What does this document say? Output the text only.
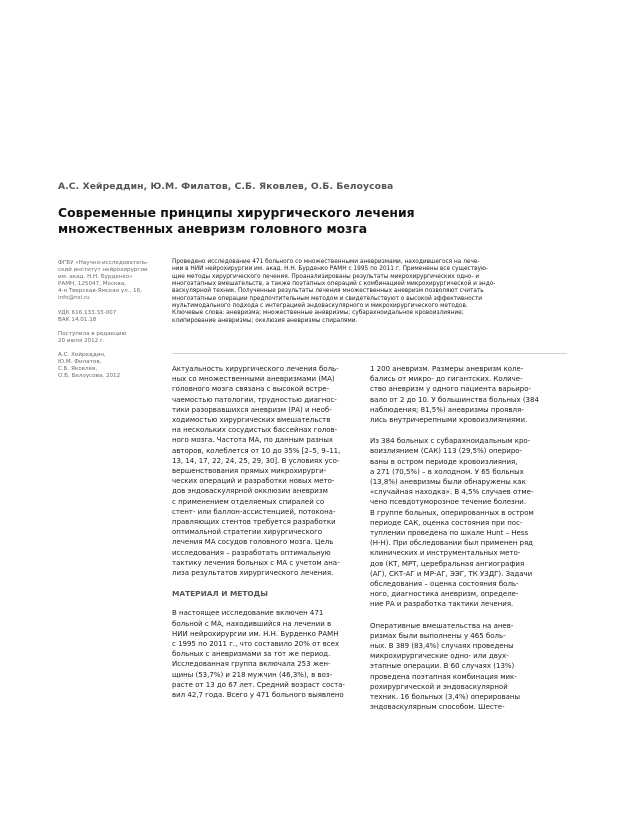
А.С. Хейреддин, Ю.М. Филатов, С.Б. Яковлев, О.Б. Белоусова
Современные принципы хирургического лечения
множественных аневризм головного мозга
ФГБУ «Научно-исследователь-
ский институт нейрохирургии
им. акад. Н.Н. Бурденко»
РАМН, 125047, Москва,
4-я Тверская-Ямская ул., 16,
info@nsi.ru
УДК 616.133.33-007
ВАК 14.01.18
Поступила в редакцию
20 июля 2012 г.
А.С. Хейреддин,
Ю.М. Филатов,
С.Б. Яковлев,
О.Б. Белоусова, 2012
Проведено исследование 471 больного со множественными аневризмами, находившегося на лече-
нии в НИИ нейрохирургии им. акад. Н.Н. Бурденко РАМН с 1995 по 2011 г. Применены все существую-
щие методы хирургического лечения. Проанализированы результаты микрохирургических одно- и
многоэтапных вмешательств, а также поэтапных операций с комбинацией микрохирургической и эндо-
васкулярной техник. Полученные результаты лечения множественных аневризм позволяют считать
многоэтапные операции предпочтительным методом и свидетельствуют о высокой эффективности
мультимодального подхода с интеграцией эндоваскулярного и микрохирургического методов.
Ключевые слова: аневризма; множественные аневризмы; субарахноидальное кровоизлияние;
клипирование аневризмы; окклюзия аневризмы спиралями.
Актуальность хирургического лечения боль-
ных со множественными аневризмами (МА)
головного мозга связана с высокой встре-
чаемостью патологии, трудностью диагнос-
тики разорвавшихся аневризм (РА) и необ-
ходимостью хирургических вмешательств
на нескольких сосудистых бассейнах голов-
ного мозга. Частота МА, по данным разных
авторов, колеблется от 10 до 35% [2–5, 9–11,
13, 14, 17, 22, 24, 25, 29, 30]. В условиях усо-
вершенствования прямых микрохирурги-
ческих операций и разработки новых мето-
дов эндоваскулярной окклюзии аневризм
с применением отделяемых спиралей со
стент- или баллон-ассистенцией, потокона-
правляющих стентов требуется разработки
оптимальной стратегии хирургического
лечения МА сосудов головного мозга. Цель
исследования – разработать оптимальную
тактику лечения больных с МА с учетом ана-
лиза результатов хирургического лечения.
МАТЕРИАЛ И МЕТОДЫ
В настоящее исследование включен 471
больной с МА, находившийся на лечении в
НИИ нейрохирургии им. Н.Н. Бурденко РАМН
с 1995 по 2011 г., что составило 20% от всех
больных с аневризмами за тот же период.
Исследованная группа включала 253 жен-
щины (53,7%) и 218 мужчин (46,3%), в воз-
расте от 13 до 67 лет. Средний возраст соста-
вил 42,7 года. Всего у 471 больного выявлено
1 200 аневризм. Размеры аневризм коле-
бались от микро- до гигантских. Количе-
ство аневризм у одного пациента варьиро-
вало от 2 до 10. У большинства больных (384
наблюдения; 81,5%) аневризмы проявля-
лись внутричерепными кровоизлияниями.
Из 384 больных с субарахноидальным кро-
воизлиянием (САК) 113 (29,5%) опериро-
ваны в остром периоде кровоизлияния,
а 271 (70,5%) – в холодном. У 65 больных
(13,8%) аневризмы были обнаружены как
«случайная находка». В 4,5% случаев отме-
чено псевдотуморозное течение болезни.
В группе больных, оперированных в остром
периоде САК, оценка состояния при пос-
туплении проведена по шкале Hunt – Hess
(H-H). При обследовании был применен ряд
клинических и инструментальных мето-
дов (КТ, МРТ, церебральная ангиография
(АГ), СКТ-АГ и МР-АГ, ЭЭГ, ТК УЗДГ). Задачи
обследования – оценка состояния боль-
ного, диагностика аневризм, определе-
ние РА и разработка тактики лечения.
Оперативные вмешательства на анев-
ризмах были выполнены у 465 боль-
ных. В 389 (83,4%) случаях проведены
микрохирургические одно- или двух-
этапные операции. В 60 случаях (13%)
проведена поэтапная комбинация мик-
рохирургической и эндоваскулярной
техник. 16 больных (3,4%) оперированы
эндоваскулярным способом. Шесте-
